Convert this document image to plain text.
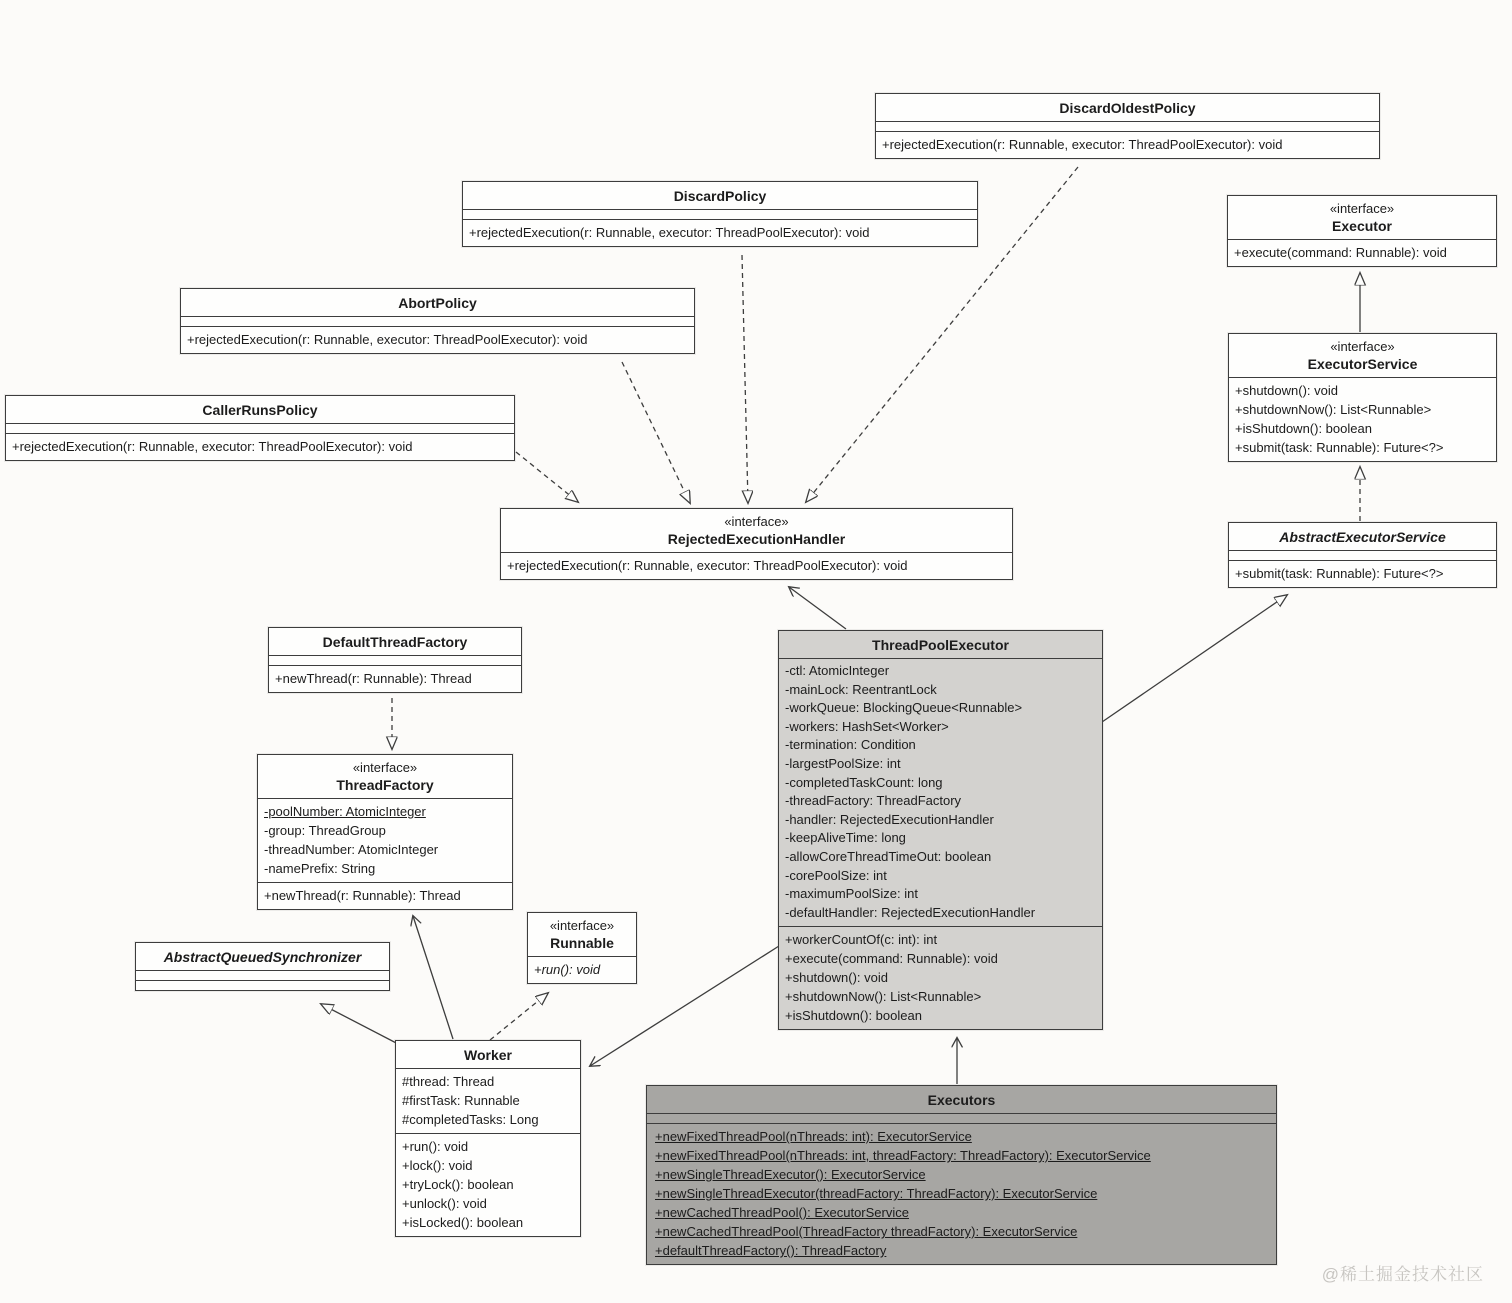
DiscardOldestPolicy
+rejectedExecution(r: Runnable, executor: ThreadPoolExecutor): void
DiscardPolicy
+rejectedExecution(r: Runnable, executor: ThreadPoolExecutor): void
AbortPolicy
+rejectedExecution(r: Runnable, executor: ThreadPoolExecutor): void
CallerRunsPolicy
+rejectedExecution(r: Runnable, executor: ThreadPoolExecutor): void
«interface»
Executor
+execute(command: Runnable): void
«interface»
ExecutorService
+shutdown(): void
+shutdownNow(): List<Runnable>
+isShutdown(): boolean
+submit(task: Runnable): Future<?>
AbstractExecutorService
+submit(task: Runnable): Future<?>
«interface»
RejectedExecutionHandler
+rejectedExecution(r: Runnable, executor: ThreadPoolExecutor): void
DefaultThreadFactory
+newThread(r: Runnable): Thread
«interface»
ThreadFactory
-poolNumber: AtomicInteger
-group: ThreadGroup
-threadNumber: AtomicInteger
-namePrefix: String
+newThread(r: Runnable): Thread
«interface»
Runnable
+run(): void
AbstractQueuedSynchronizer
ThreadPoolExecutor
-ctl: AtomicInteger
-mainLock: ReentrantLock
-workQueue: BlockingQueue<Runnable>
-workers: HashSet<Worker>
-termination: Condition
-largestPoolSize: int
-completedTaskCount: long
-threadFactory: ThreadFactory
-handler: RejectedExecutionHandler
-keepAliveTime: long
-allowCoreThreadTimeOut: boolean
-corePoolSize: int
-maximumPoolSize: int
-defaultHandler: RejectedExecutionHandler
+workerCountOf(c: int): int
+execute(command: Runnable): void
+shutdown(): void
+shutdownNow(): List<Runnable>
+isShutdown(): boolean
Worker
#thread: Thread
#firstTask: Runnable
#completedTasks: Long
+run(): void
+lock(): void
+tryLock(): boolean
+unlock(): void
+isLocked(): boolean
Executors
+newFixedThreadPool(nThreads: int): ExecutorService
+newFixedThreadPool(nThreads: int, threadFactory: ThreadFactory): ExecutorService
+newSingleThreadExecutor(): ExecutorService
+newSingleThreadExecutor(threadFactory: ThreadFactory): ExecutorService
+newCachedThreadPool(): ExecutorService
+newCachedThreadPool(ThreadFactory threadFactory): ExecutorService
+defaultThreadFactory(): ThreadFactory
@稀土掘金技术社区
